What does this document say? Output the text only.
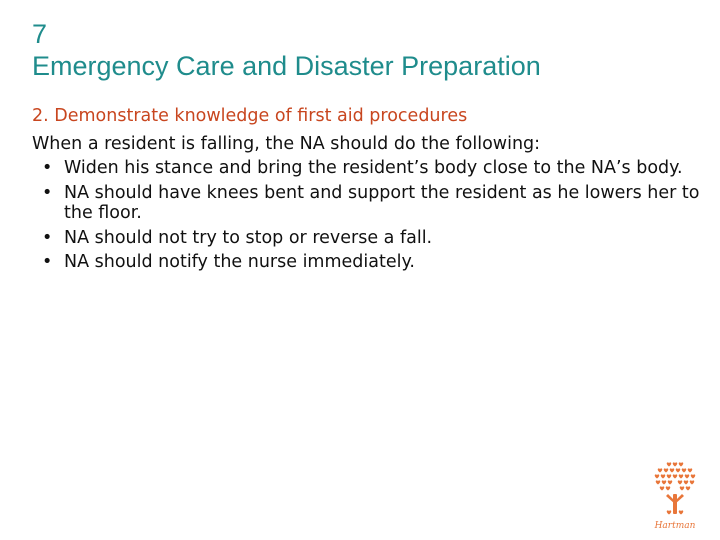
7
Emergency Care and Disaster Preparation
2. Demonstrate knowledge of first aid procedures
When a resident is falling, the NA should do the following:
• Widen his stance and bring the resident’s body close to the NA’s body.
• NA should have knees bent and support the resident as he lowers her to the floor.
• NA should not try to stop or reverse a fall.
• NA should notify the nurse immediately.
Hartman
